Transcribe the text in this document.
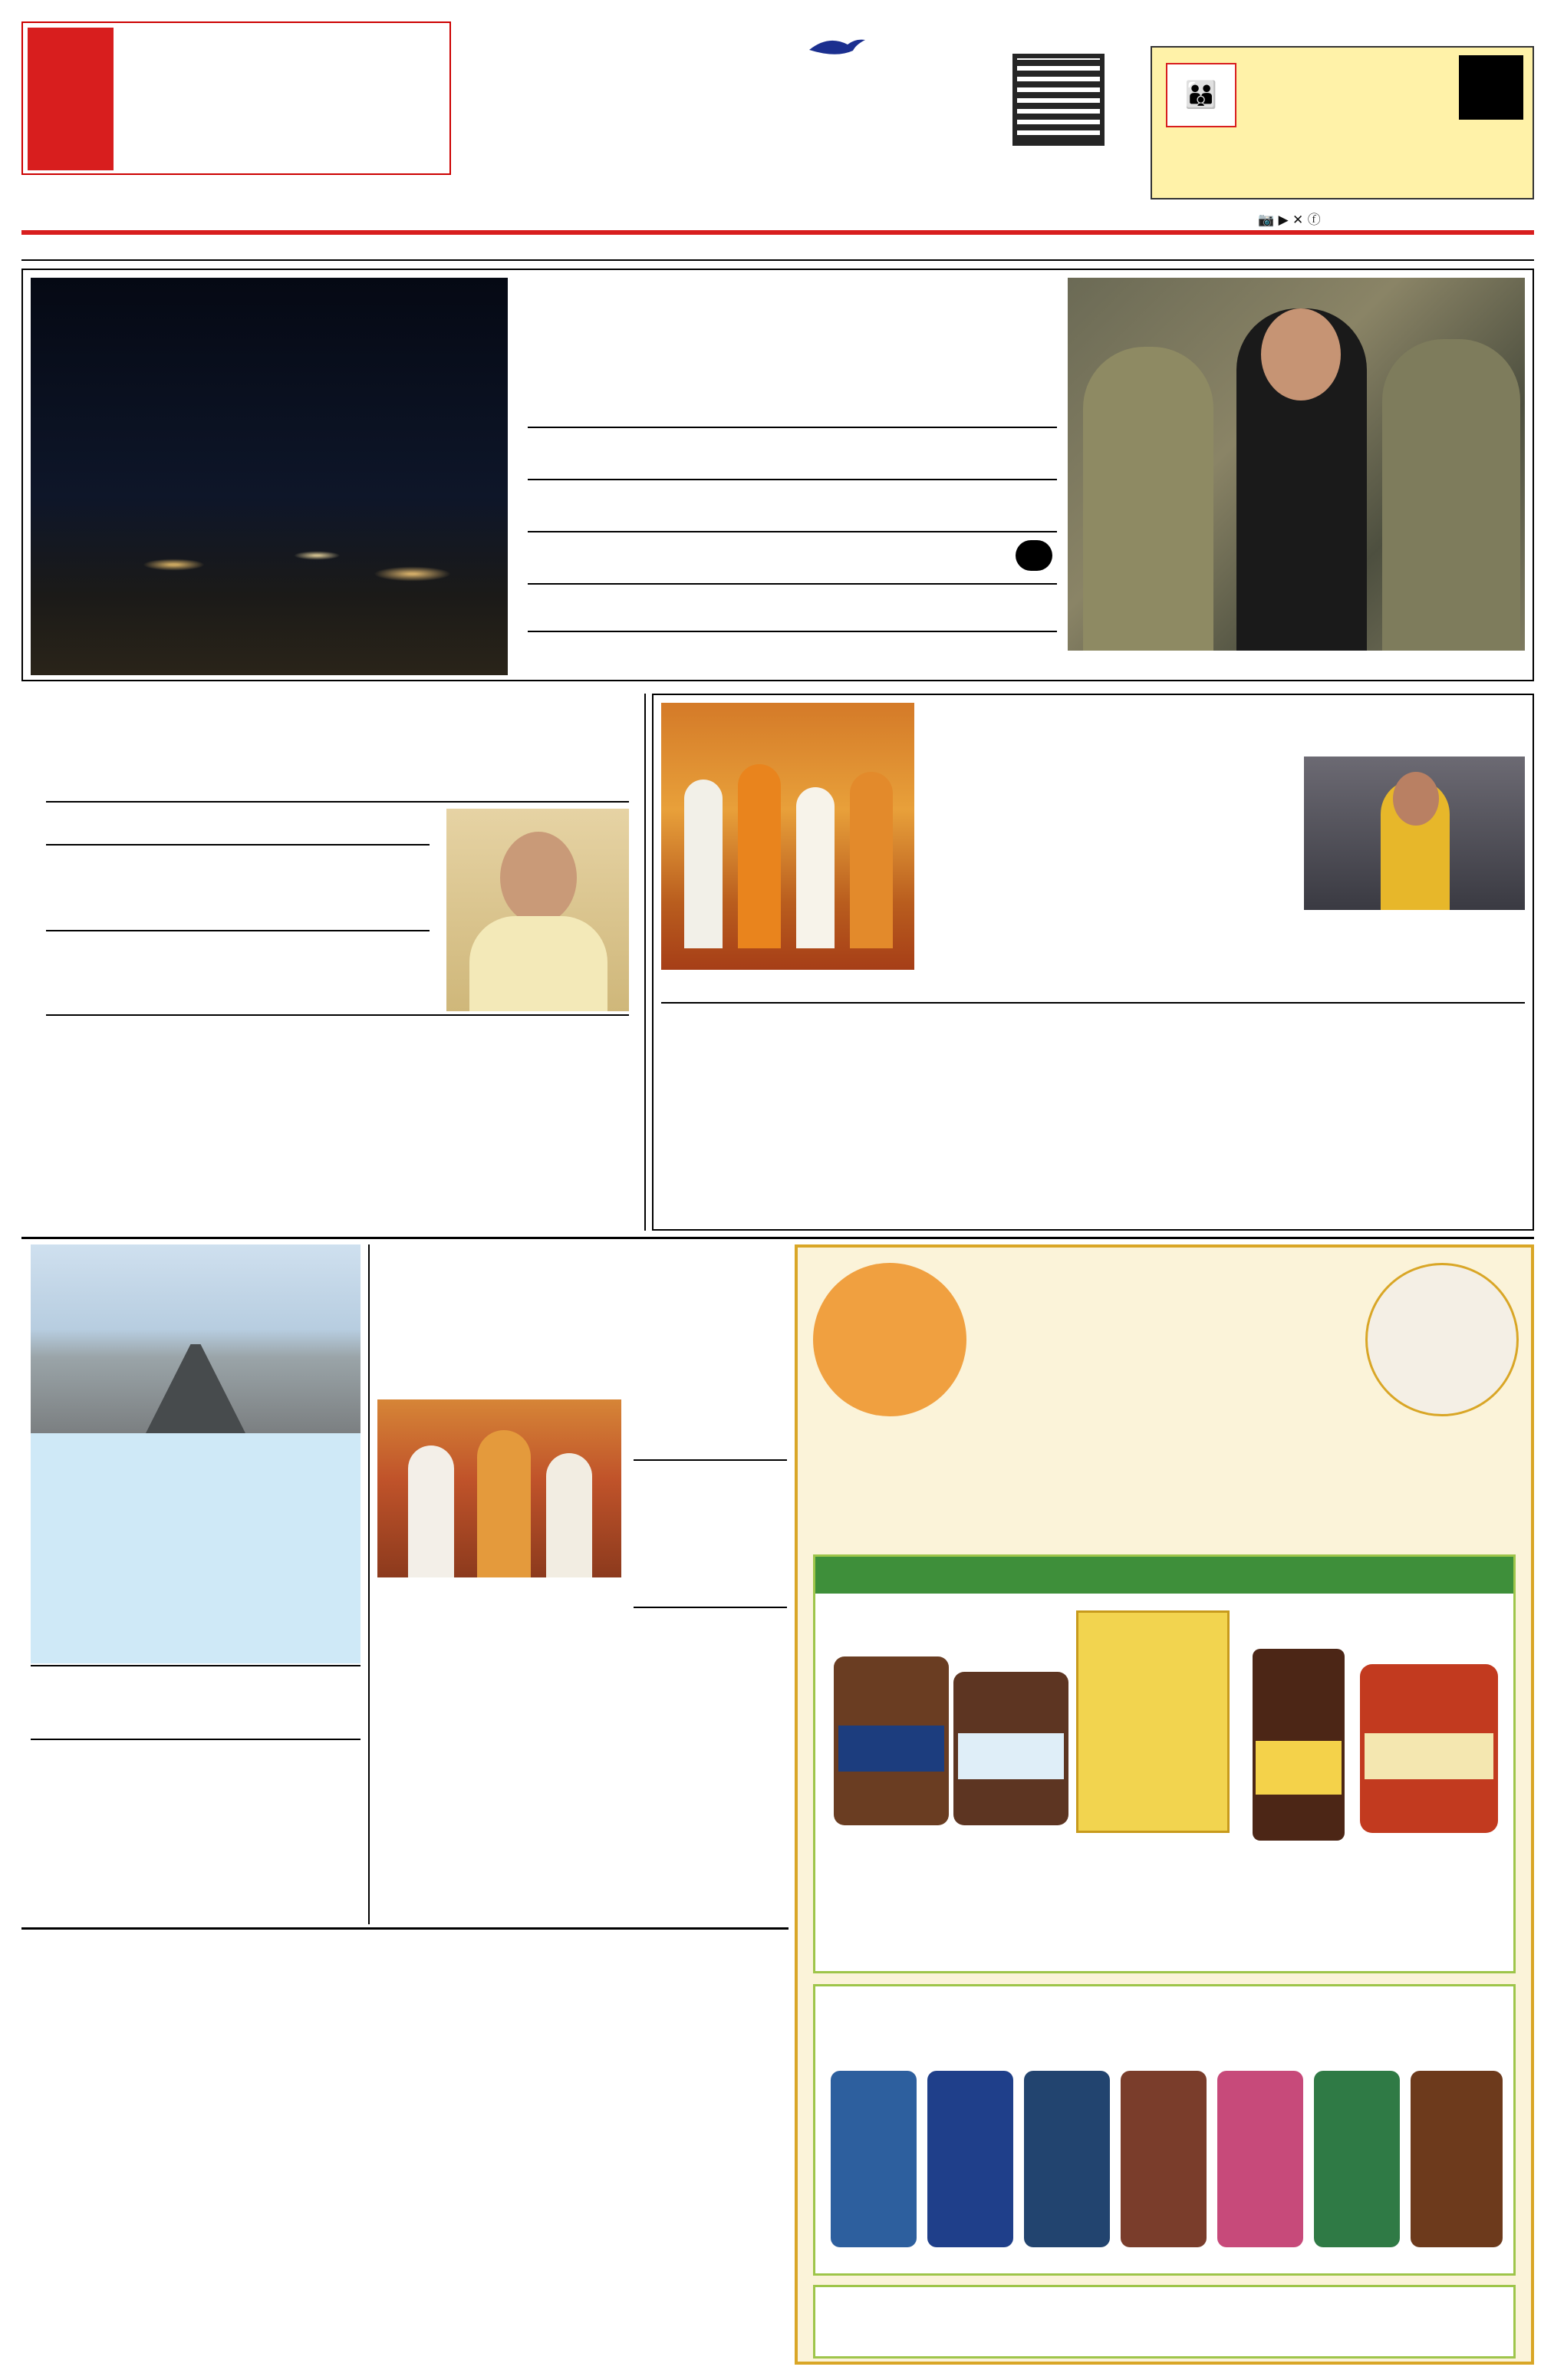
👪
📷 ▶ ✕ ⓕ
